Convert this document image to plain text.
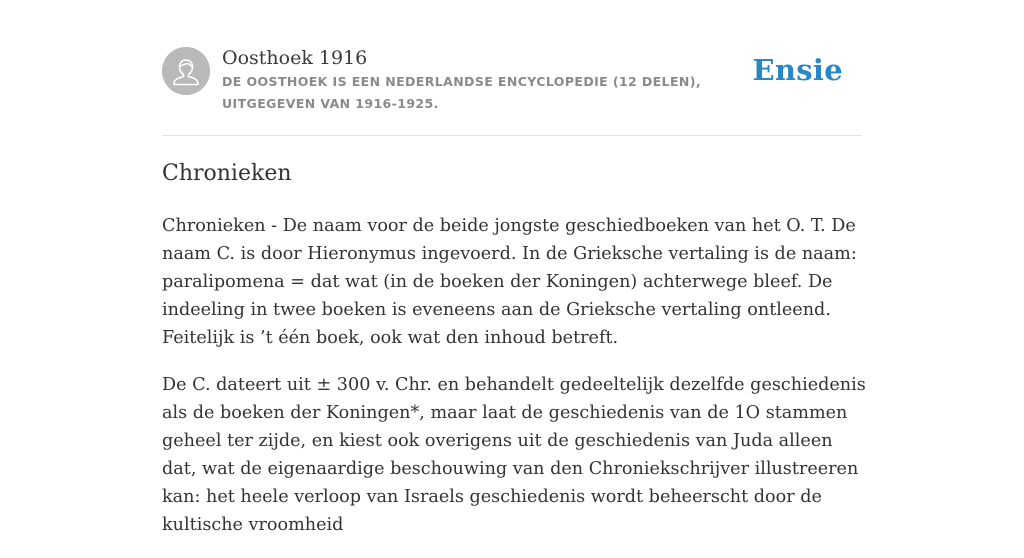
Oosthoek 1916
DE OOSTHOEK IS EEN NEDERLANDSE ENCYCLOPEDIE (12 DELEN), UITGEGEVEN VAN 1916-1925.
Ensie
Chronieken

Chronieken - De naam voor de beide jongste geschiedboeken van het O. T. De naam C. is door Hieronymus ingevoerd. In de Grieksche vertaling is de naam: paralipomena = dat wat (in de boeken der Koningen) achterwege bleef. De indeeling in twee boeken is eveneens aan de Grieksche vertaling ontleend. Feitelijk is ’t één boek, ook wat den inhoud betreft.

De C. dateert uit ± 300 v. Chr. en behandelt gedeeltelijk dezelfde geschiedenis als de boeken der Koningen*, maar laat de geschiedenis van de 1O stammen geheel ter zijde, en kiest ook overigens uit de geschiedenis van Juda alleen dat, wat de eigenaardige beschouwing van den Chroniekschrijver illustreeren kan: het heele verloop van Israels geschiedenis wordt beheerscht door de kultische vroomheid
